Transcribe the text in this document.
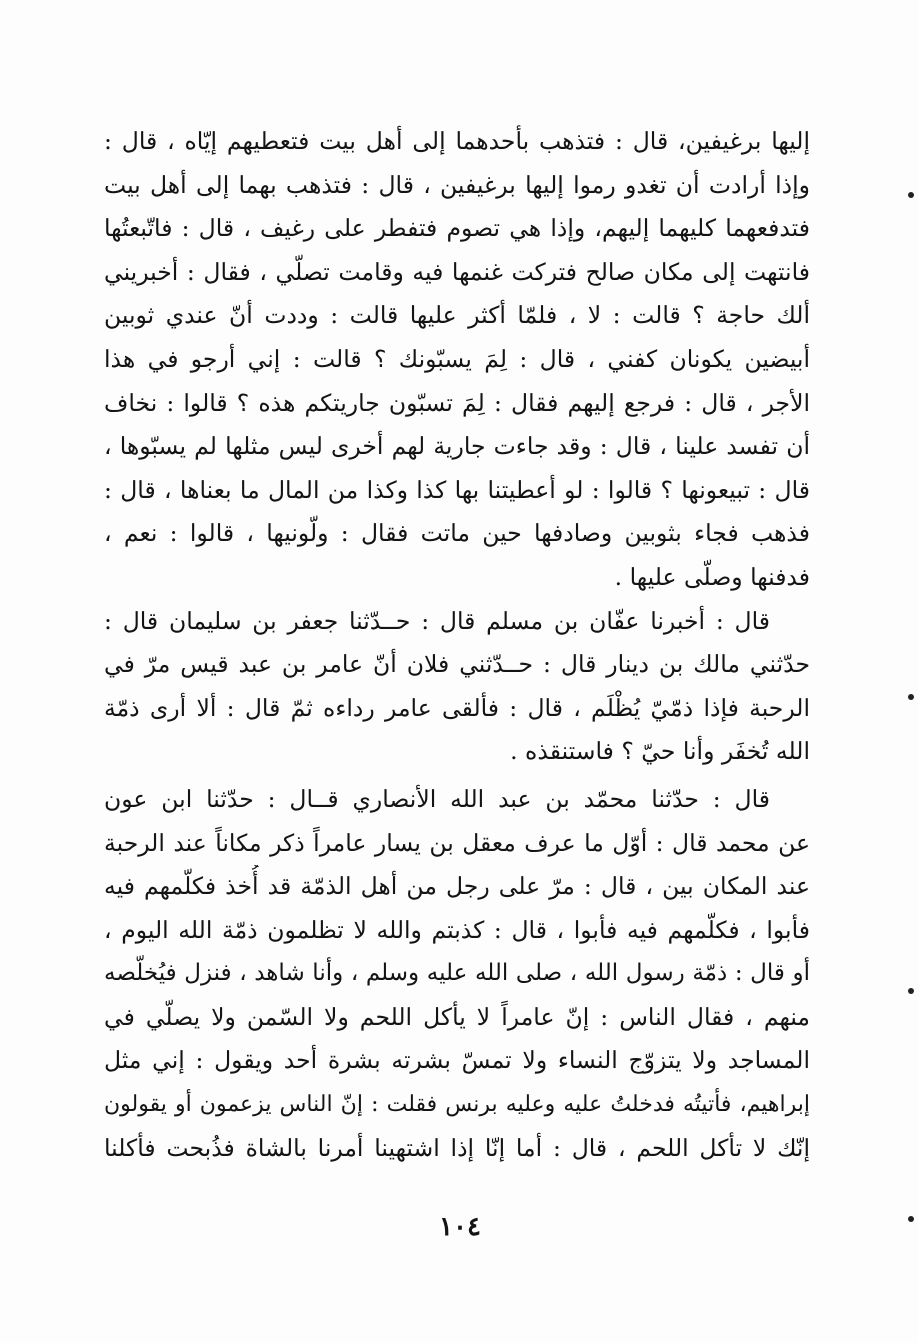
إليها برغيفين، قال : فتذهب بأحدهما إلى أهل بيت فتعطيهم إيّاه ، قال :
وإذا أرادت أن تغدو رموا إليها برغيفين ، قال : فتذهب بهما إلى أهل بيت
فتدفعهما كليهما إليهم، وإذا هي تصوم فتفطر على رغيف ، قال : فاتّبعتُها
فانتهت إلى مكان صالح فتركت غنمها فيه وقامت تصلّي ، فقال : أخبريني
ألك حاجة ؟ قالت : لا ، فلمّا أكثر عليها قالت : وددت أنّ عندي ثوبين
أبيضين يكونان كفني ، قال : لِمَ يسبّونك ؟ قالت : إني أرجو في هذا
الأجر ، قال : فرجع إليهم فقال : لِمَ تسبّون جاريتكم هذه ؟ قالوا : نخاف
أن تفسد علينا ، قال : وقد جاءت جارية لهم أخرى ليس مثلها لم يسبّوها ،
قال : تبيعونها ؟ قالوا : لو أعطيتنا بها كذا وكذا من المال ما بعناها ، قال :
فذهب فجاء بثوبين وصادفها حين ماتت فقال : ولّونيها ، قالوا : نعم ،
فدفنها وصلّى عليها .
قال : أخبرنا عفّان بن مسلم قال : حــدّثنا جعفر بن سليمان قال :
حدّثني مالك بن دينار قال : حــدّثني فلان أنّ عامر بن عبد قيس مرّ في
الرحبة فإذا ذمّيّ يُظْلَم ، قال : فألقى عامر رداءه ثمّ قال : ألا أرى ذمّة
الله تُخفَر وأنا حيّ ؟ فاستنقذه .
قال : حدّثنا محمّد بن عبد الله الأنصاري قــال : حدّثنا ابن عون
عن محمد قال : أوّل ما عرف معقل بن يسار عامراً ذكر مكاناً عند الرحبة
عند المكان بين ، قال : مرّ على رجل من أهل الذمّة قد أُخذ فكلّمهم فيه
فأبوا ، فكلّمهم فيه فأبوا ، قال : كذبتم والله لا تظلمون ذمّة الله اليوم ،
أو قال : ذمّة رسول الله ، صلى الله عليه وسلم ، وأنا شاهد ، فنزل فيُخلّصه
منهم ، فقال الناس : إنّ عامراً لا يأكل اللحم ولا السّمن ولا يصلّي في
المساجد ولا يتزوّج النساء ولا تمسّ بشرته بشرة أحد ويقول : إني مثل
إبراهيم، فأتيتُه فدخلتُ عليه وعليه برنس فقلت : إنّ الناس يزعمون أو يقولون
إنّك لا تأكل اللحم ، قال : أما إنّا إذا اشتهينا أمرنا بالشاة فذُبحت فأكلنا
١٠٤
